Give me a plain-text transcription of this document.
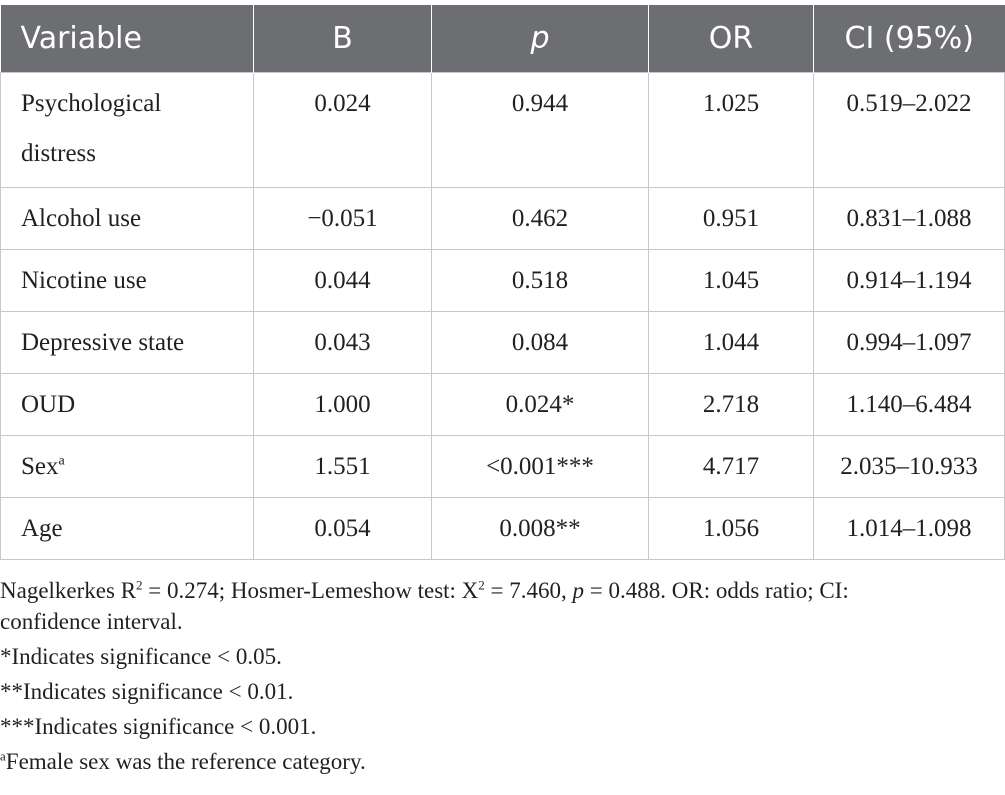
Variable	B	p	OR	CI (95%)

Psychological
distress	0.024	0.944	1.025	0.519–2.022

Alcohol use	−0.051	0.462	0.951	0.831–1.088

Nicotine use	0.044	0.518	1.045	0.914–1.194

Depressive state	0.043	0.084	1.044	0.994–1.097

OUD	1.000	0.024*	2.718	1.140–6.484

Sex$^a$	1.551	<0.001***	4.717	2.035–10.933

Age	0.054	0.008**	1.056	1.014–1.098

Nagelkerkes $R^2 = 0.274$; Hosmer-Lemeshow test: $X^2 = 7.460$, p = 0.488. OR: odds ratio; CI:
confidence interval.

*Indicates significance < 0.05.

**Indicates significance < 0.01.

***Indicates significance < 0.001.

$^a$Female sex was the reference category.
